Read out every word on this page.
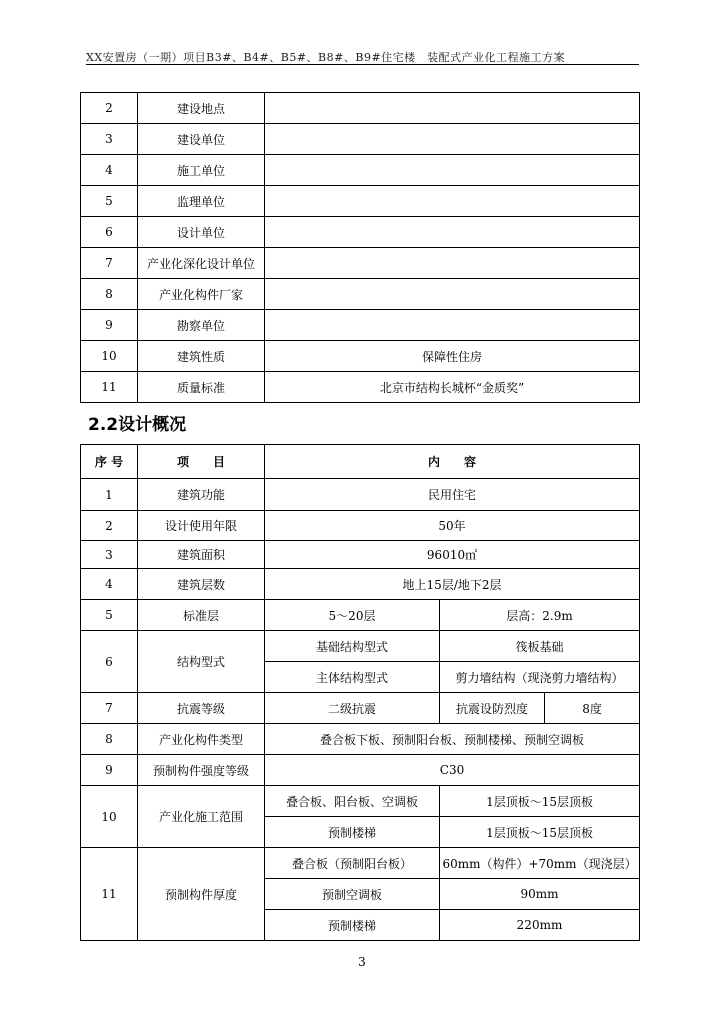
XX安置房（一期）项目B3#、B4#、B5#、B8#、B9#住宅楼　装配式产业化工程施工方案
2	建设地点	
3	建设单位	
4	施工单位	
5	监理单位	
6	设计单位	
7	产业化深化设计单位	
8	产业化构件厂家	
9	勘察单位	
10	建筑性质	保障性住房
11	质量标准	北京市结构长城杯“金质奖”
2.2设计概况
序 号	项　　目	内　　容		
1	建筑功能	民用住宅		
2	设计使用年限	50年		
3	建筑面积	96010㎡		
4	建筑层数	地上15层/地下2层		
5	标准层	5～20层	层高：2.9m	
6	结构型式	基础结构型式	筏板基础	
		主体结构型式	剪力墙结构（现浇剪力墙结构）	
7	抗震等级	二级抗震	抗震设防烈度	8度
8	产业化构件类型	叠合板下板、预制阳台板、预制楼梯、预制空调板		
9	预制构件强度等级	C30		
10	产业化施工范围	叠合板、阳台板、空调板	1层顶板～15层顶板	
		预制楼梯	1层顶板～15层顶板	
11	预制构件厚度	叠合板（预制阳台板）	60mm（构件）+70mm（现浇层）	
		预制空调板	90mm	
		预制楼梯	220mm	
3
